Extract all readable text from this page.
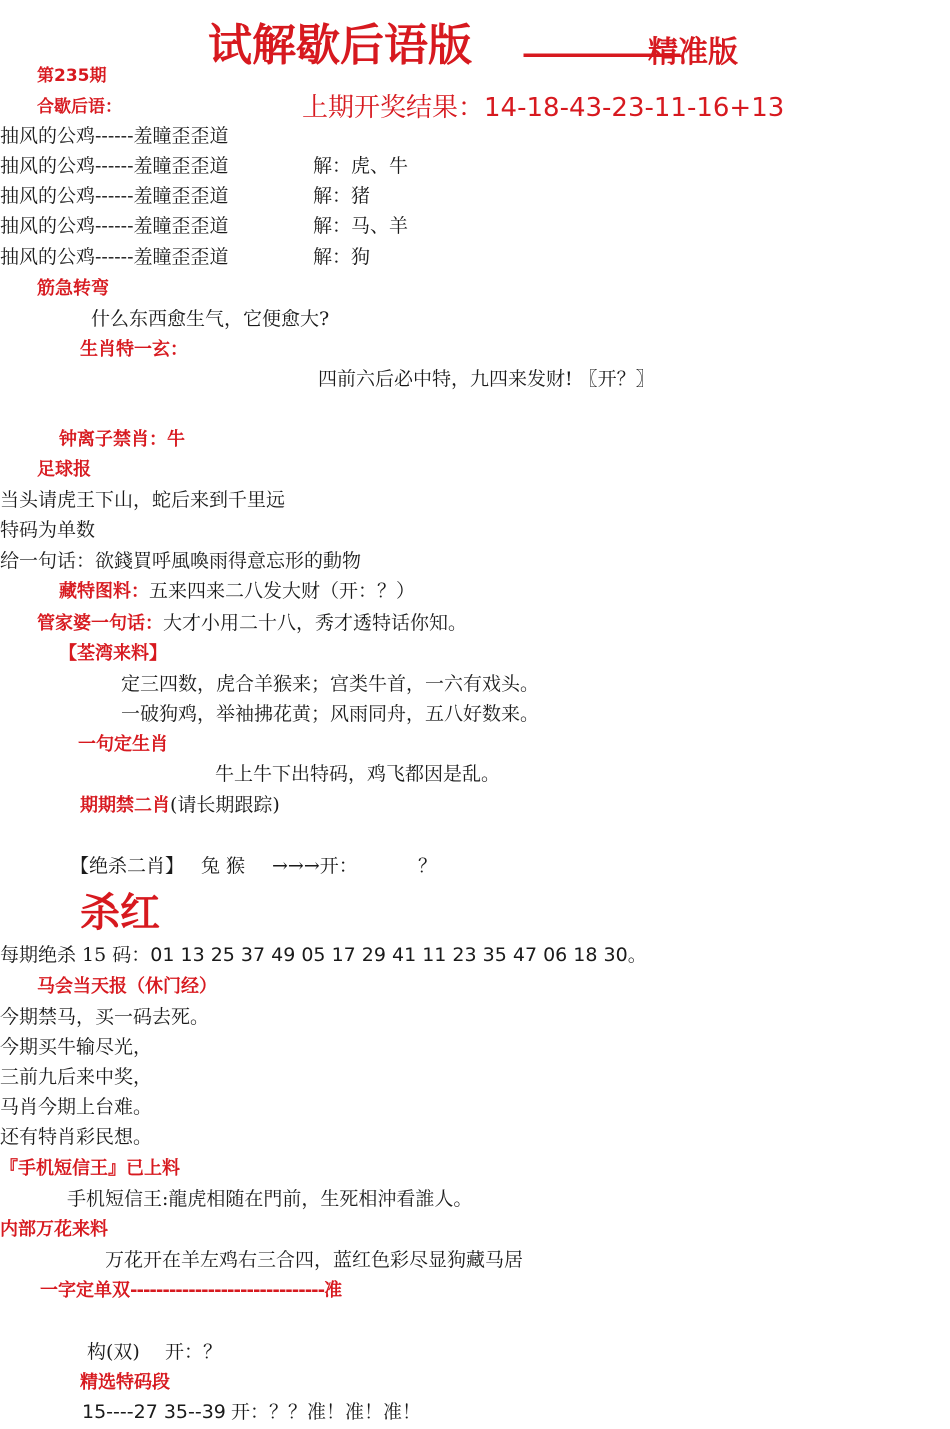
试解歇后语版 ———————
精准版
第235期
上期开奖结果：14-18-43-23-11-16+13
合歇后语：
抽风的公鸡------羞瞳歪歪道
抽风的公鸡------羞瞳歪歪道	解：虎、牛
抽风的公鸡------羞瞳歪歪道	解：猪
抽风的公鸡------羞瞳歪歪道	解：马、羊
抽风的公鸡------羞瞳歪歪道	解：狗
筋急转弯
什么东西愈生气，它便愈大?
生肖特一玄：
四前六后必中特，九四来发财! 〖开？〗
钟离子禁肖：牛
足球报
当头请虎王下山，蛇后来到千里远
特码为单数
给一句话：欲錢買呼風喚雨得意忘形的動物
藏特图料：五来四来二八发大财（开：？）
管家婆一句话：大才小用二十八，秀才透特话你知。
【荃湾来料】
定三四数，虎合羊猴来；宫类牛首，一六有戏头。
一破狗鸡，举袖拂花黄；风雨同舟，五八好数来。
一句定生肖
牛上牛下出特码，鸡飞都因是乱。
期期禁二肖(请长期跟踪)
【绝杀二肖】 兔 猴 →→→开：	？
杀红
每期绝杀 15 码：01 13 25 37 49 05 17 29 41 11 23 35 47 06 18 30。
马会当天报（休门经）
今期禁马，买一码去死。
今期买牛输尽光，
三前九后来中奖，
马肖今期上台难。
还有特肖彩民想。
『手机短信王』已上料
手机短信王:龍虎相随在門前，生死相沖看誰人。
内部万花来料
万花开在羊左鸡右三合四，蓝红色彩尽显狗藏马居
一字定单双------------------------------准
构(双) 开：？
精选特码段
15----27 35--39 开：？？准！准！准！
